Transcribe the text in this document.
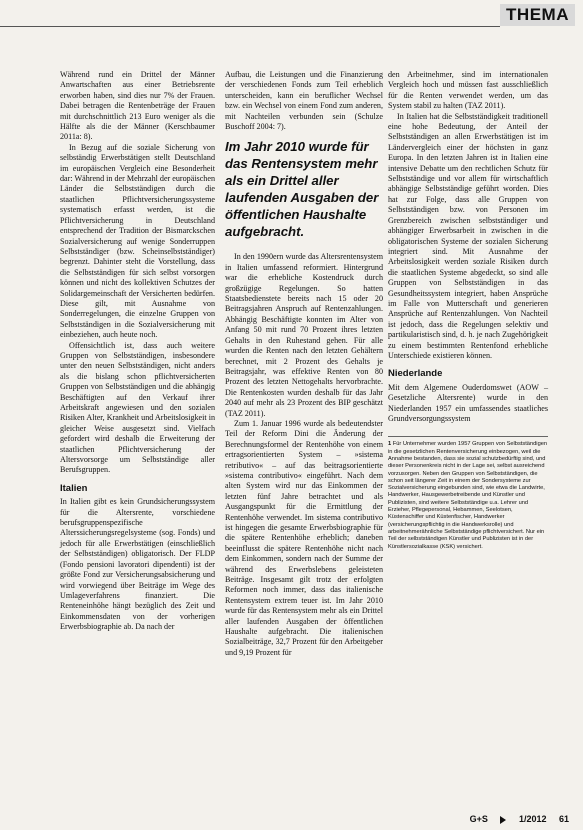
THEMA

Während rund ein Drittel der Männer Anwartschaften aus einer Betriebsrente erworben haben, sind dies nur 7% der Frauen. Dabei betragen die Rentenbeträge der Frauen mit durchschnittlich 213 Euro weniger als die Hälfte als die der Männer (Kerschbaumer 2011a: 8).

In Bezug auf die soziale Sicherung von selbständig Erwerbstätigen stellt Deutschland im europäischen Vergleich eine Besonderheit dar: Während in der Mehrzahl der europäischen Länder die Selbstständigen durch die staatlichen Pflichtversicherungssysteme systematisch erfasst werden, ist die Pflichtversicherung in Deutschland entsprechend der Tradition der Bismarckschen Sozialversicherung auf wenige Sonderruppen Selbstständiger (bzw. Scheinselbstständiger) begrenzt. Dahinter steht die Vorstellung, dass die Selbstständigen für sich selbst vorsorgen können und nicht des kollektiven Schutzes der Solidargemeinschaft der Versicherten bedürfen. Diese gilt, mit Ausnahme von Sonderregelungen, die einzelne Gruppen von Selbstständigen in die Sozialversicherung mit einbeziehen, auch heute noch.

Offensichtlich ist, dass auch weitere Gruppen von Selbstständigen, insbesondere unter den neuen Selbstständigen, nicht anders als die bislang schon pflichtversicherten Gruppen von Selbstständigen und die abhängig Beschäftigten auf den Verkauf ihrer Arbeitskraft angewiesen und den sozialen Risiken Alter, Krankheit und Arbeitslosigkeit in gleicher Weise ausgesetzt sind. Vielfach gefordert wird deshalb die Erweiterung der staatlichen Pflichtversicherung der Altersvorsorge um Selbstständige aller Berufsgruppen.

Italien

In Italien gibt es kein Grundsicherungssystem für die Altersrente, vorschiedene berufsgruppenspezifische Alterssicherungsregelsysteme (sog. Fonds) und jedoch für alle Erwerbstätigen (einschließlich der Selbstständigen) obligatorisch. Der FLDP (Fondo pensioni lavoratori dipendenti) ist der größte Fond zur Versicherungsabsicherung und wird vorwiegend über Beiträge im Wege des Umlageverfahrens finanziert. Die Renteneinhöhe hängt bezüglich des Zeit und Einkommensdaten von der vorherigen Erwerbsbiographie ab. Da nach der

Aufbau, die Leistungen und die Finanzierung der verschiedenen Fonds zum Teil erheblich unterscheiden, kann ein beruflicher Wechsel bzw. ein Wechsel von einem Fond zum anderen, mit Nachteilen verbunden sein (Schulze Buschoff 2004: 7).

Im Jahr 2010 wurde für das Rentensystem mehr als ein Drittel aller laufenden Ausgaben der öffentlichen Haushalte aufgebracht.

In den 1990ern wurde das Altersrentensystem in Italien umfassend reformiert. Hintergrund war die erhebliche Kostendruck durch großzügige Regelungen. So hatten Staatsbedienstete bereits nach 15 oder 20 Beitragsjahren Anspruch auf Rentenzahlungen. Abhängig Beschäftigte konnten im Alter von Anfang 50 mit rund 70 Prozent ihres letzten Gehalts in den Ruhestand gehen. Für alle wurden die Renten nach den letzten Gehältern berechnet, mit 2 Prozent des Gehalts je Beitragsjahr, was effektive Renten von 80 Prozent des letzten Nettogehalts hervorbrachte. Die Rentenkosten wurden deshalb für das Jahr 2040 auf mehr als 23 Prozent des BIP geschätzt (TAZ 2011).

Zum 1. Januar 1996 wurde als bedeutendster Teil der Reform Dini die Änderung der Berechnungsformel der Rentenhöhe von einem ertragsorientierten System – »sistema retributivo« – auf das beitragsorientierte »sistema contributivo« eingeführt. Nach dem alten System wird nur das Einkommen der letzten fünf Jahre betrachtet und als Ausgangspunkt für die Ermittlung der Rentenhöhe verwendet. Im sistema contributivo ist hingegen die gesamte Erwerbsbiographie für die spätere Rentenhöhe erheblich; daneben beeinflusst die spätere Rentenhöhe nicht nach dem Einkommen, sondern nach der Summe der während des Erwerbslebens geleisteten Beiträge. Insgesamt gilt trotz der erfolgten Reformen noch immer, dass das italienische Rentensystem extrem teuer ist. Im Jahr 2010 wurde für das Rentensystem mehr als ein Drittel aller laufenden Ausgaben der öffentlichen Haushalte aufgebracht. Die italienischen Sozialbeiträge, 32,7 Prozent für den Arbeitgeber und 9,19 Prozent für

den Arbeitnehmer, sind im internationalen Vergleich hoch und müssen fast ausschließlich für die Renten verwendet werden, um das System stabil zu halten (TAZ 2011).

In Italien hat die Selbstständigkeit traditionell eine hohe Bedeutung, der Anteil der Selbstständigen an allen Erwerbstätigen ist im Ländervergleich einer der höchsten in ganz Europa. In den letzten Jahren ist in Italien eine intensive Debatte um den rechtlichen Schutz für Selbstständige und vor allem für wirtschaftlich abhängige Selbstständige geführt worden. Dies hat zur Folge, dass alle Gruppen von Selbstständigen bzw. von Personen im Grenzbereich zwischen selbstständiger und abhängiger Erwerbsarbeit in zwischen in die obligatorischen Systeme der sozialen Sicherung integriert sind. Mit Ausnahme der Arbeitslosigkeit werden soziale Risiken durch die staatlichen Systeme abgedeckt, so sind alle Gruppen von Selbstständigen in das Gesundheitssystem integriert, haben Ansprüche im Falle von Mutterschaft und generieren Ansprüche auf Rentenzahlungen. Von Nachteil ist jedoch, dass die Regelungen selektiv und partikularistisch sind, d. h. je nach Zugehörigkeit zu einem bestimmten Rentenfond erhebliche Unterschiede existieren können.

Niederlande

Mit dem Algemene Ouderdomswet (AOW – Gesetzliche Altersrente) wurde in den Niederlanden 1957 ein umfassendes staatliches Grundversorgungssystem

1 Für Unternehmer wurden 1957 Gruppen von Selbstständigen in die gesetzlichen Rentenversicherung einbezogen, weil die Annahme bestanden, dass sie sozial schutzbedürftig sind, und dieser Personenkreis nicht in der Lage sei, selbst ausreichend vorzusorgen. Neben den Gruppen von Selbstständigen, die schon seit längerer Zeit in einem der Sondersysteme zur Sozialversicherung eingebunden sind, wie etwa die Landwirte, Handwerker, Hausgewerbetreibende und Künstler und Publizisten, sind weitere Selbstständige u.a. Lehrer und Erzieher, Pflegepersonal, Hebammen, Seelotsen, Küstenschiffer und Küstenfischer, Handwerker (versicherungspflichtig in die Handwerksrolle) und arbeitnehmerähnliche Selbstständige pflichtversichert. Nur ein Teil der selbstständigen Künstler und Publizisten ist in der Künstlersozialkasse (KSK) versichert.
G+S	1/2012 61
